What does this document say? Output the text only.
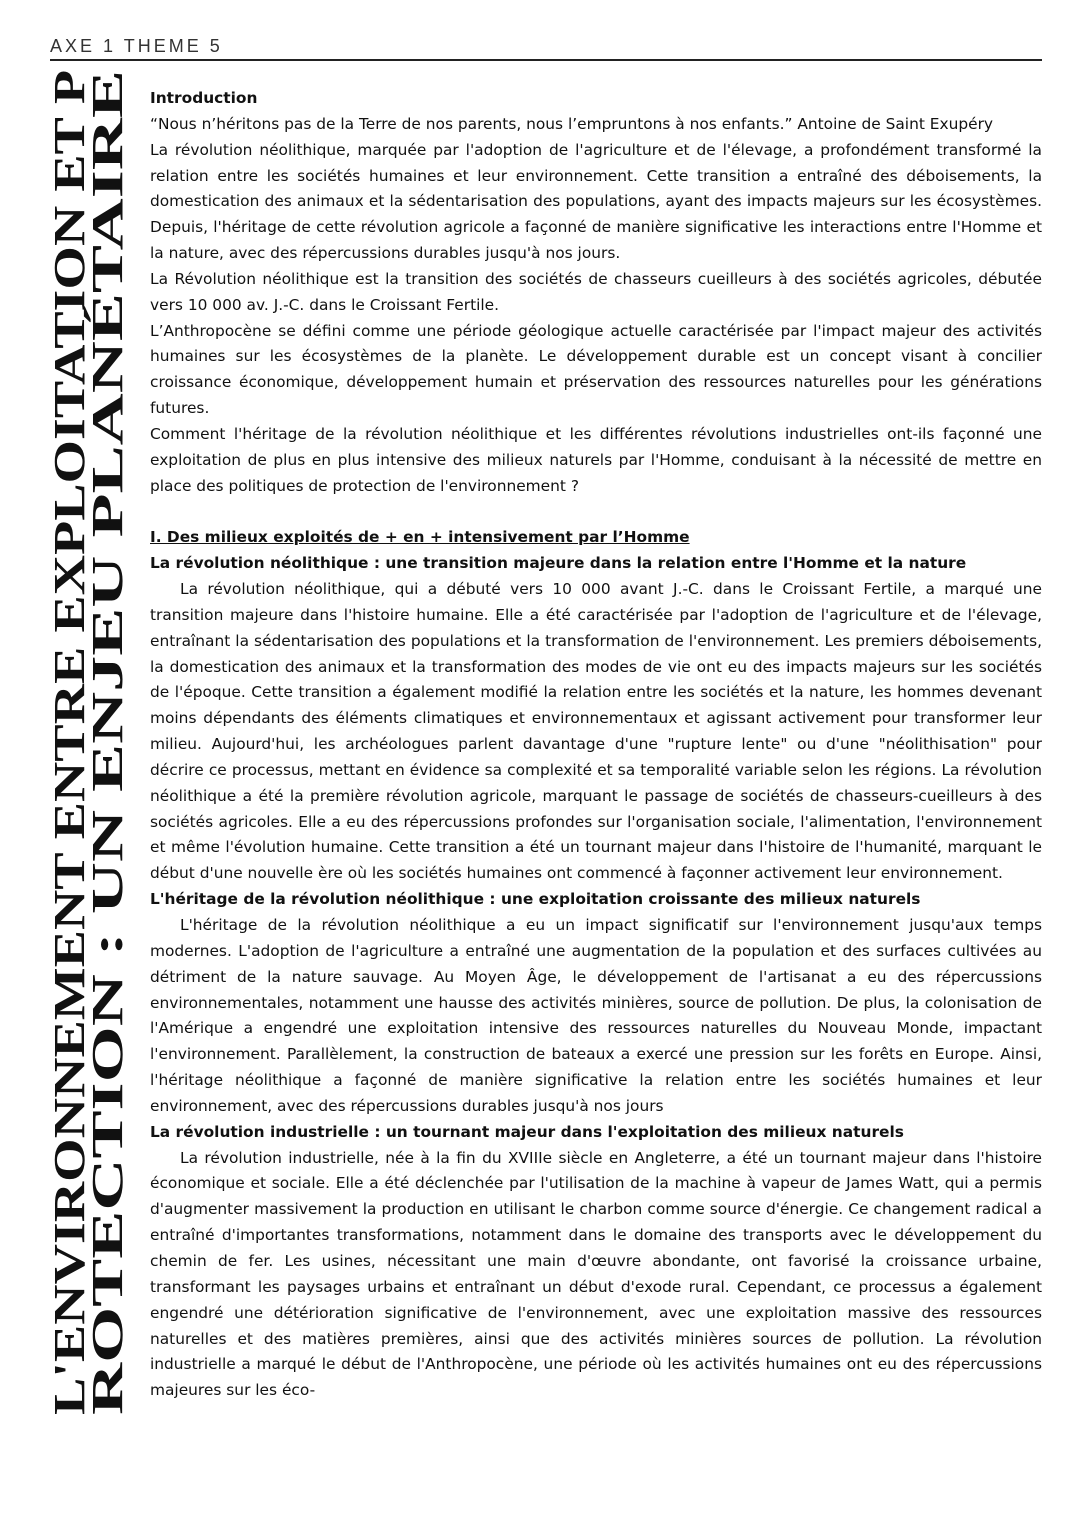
AXE 1 THEME 5
L'ENVIRONNEMENT ENTRE EXPLOITATION ET P
ROTECTION : UN ENJEU PLANÉTAIRE

Introduction

“Nous n’héritons pas de la Terre de nos parents, nous l’empruntons à nos enfants.” Antoine de Saint Exupéry

La révolution néolithique, marquée par l'adoption de l'agriculture et de l'élevage, a profondément transformé la relation entre les sociétés humaines et leur environnement. Cette transition a entraîné des déboisements, la domestication des animaux et la sédentarisation des populations, ayant des impacts majeurs sur les écosystèmes. Depuis, l'héritage de cette révolution agricole a façonné de manière significative les interactions entre l'Homme et la nature, avec des répercussions durables jusqu'à nos jours.

La Révolution néolithique est la transition des sociétés de chasseurs cueilleurs à des sociétés agricoles, débutée vers 10 000 av. J.-C. dans le Croissant Fertile.

L’Anthropocène se défini comme une période géologique actuelle caractérisée par l'impact majeur des activités humaines sur les écosystèmes de la planète. Le développement durable est un concept visant à concilier croissance économique, développement humain et préservation des ressources naturelles pour les générations futures.

Comment l'héritage de la révolution néolithique et les différentes révolutions industrielles ont-ils façonné une exploitation de plus en plus intensive des milieux naturels par l'Homme, conduisant à la nécessité de mettre en place des politiques de protection de l'environnement ?

I. Des milieux exploités de + en + intensivement par l’Homme

La révolution néolithique : une transition majeure dans la relation entre l'Homme et la nature

La révolution néolithique, qui a débuté vers 10 000 avant J.-C. dans le Croissant Fertile, a marqué une transition majeure dans l'histoire humaine. Elle a été caractérisée par l'adoption de l'agriculture et de l'élevage, entraînant la sédentarisation des populations et la transformation de l'environnement. Les premiers déboisements, la domestication des animaux et la transformation des modes de vie ont eu des impacts majeurs sur les sociétés de l'époque. Cette transition a également modifié la relation entre les sociétés et la nature, les hommes devenant moins dépendants des éléments climatiques et environnementaux et agissant activement pour transformer leur milieu. Aujourd'hui, les archéologues parlent davantage d'une "rupture lente" ou d'une "néolithisation" pour décrire ce processus, mettant en évidence sa complexité et sa temporalité variable selon les régions. La révolution néolithique a été la première révolution agricole, marquant le passage de sociétés de chasseurs-cueilleurs à des sociétés agricoles. Elle a eu des répercussions profondes sur l'organisation sociale, l'alimentation, l'environnement et même l'évolution humaine. Cette transition a été un tournant majeur dans l'histoire de l'humanité, marquant le début d'une nouvelle ère où les sociétés humaines ont commencé à façonner activement leur environnement.

L'héritage de la révolution néolithique : une exploitation croissante des milieux naturels

L'héritage de la révolution néolithique a eu un impact significatif sur l'environnement jusqu'aux temps modernes. L'adoption de l'agriculture a entraîné une augmentation de la population et des surfaces cultivées au détriment de la nature sauvage. Au Moyen Âge, le développement de l'artisanat a eu des répercussions environnementales, notamment une hausse des activités minières, source de pollution. De plus, la colonisation de l'Amérique a engendré une exploitation intensive des ressources naturelles du Nouveau Monde, impactant l'environnement. Parallèlement, la construction de bateaux a exercé une pression sur les forêts en Europe. Ainsi, l'héritage néolithique a façonné de manière significative la relation entre les sociétés humaines et leur environnement, avec des répercussions durables jusqu'à nos jours

La révolution industrielle : un tournant majeur dans l'exploitation des milieux naturels

La révolution industrielle, née à la fin du XVIIIe siècle en Angleterre, a été un tournant majeur dans l'histoire économique et sociale. Elle a été déclenchée par l'utilisation de la machine à vapeur de James Watt, qui a permis d'augmenter massivement la production en utilisant le charbon comme source d'énergie. Ce changement radical a entraîné d'importantes transformations, notamment dans le domaine des transports avec le développement du chemin de fer. Les usines, nécessitant une main d'œuvre abondante, ont favorisé la croissance urbaine, transformant les paysages urbains et entraînant un début d'exode rural. Cependant, ce processus a également engendré une détérioration significative de l'environnement, avec une exploitation massive des ressources naturelles et des matières premières, ainsi que des activités minières sources de pollution. La révolution industrielle a marqué le début de l'Anthropocène, une période où les activités humaines ont eu des répercussions majeures sur les éco-
